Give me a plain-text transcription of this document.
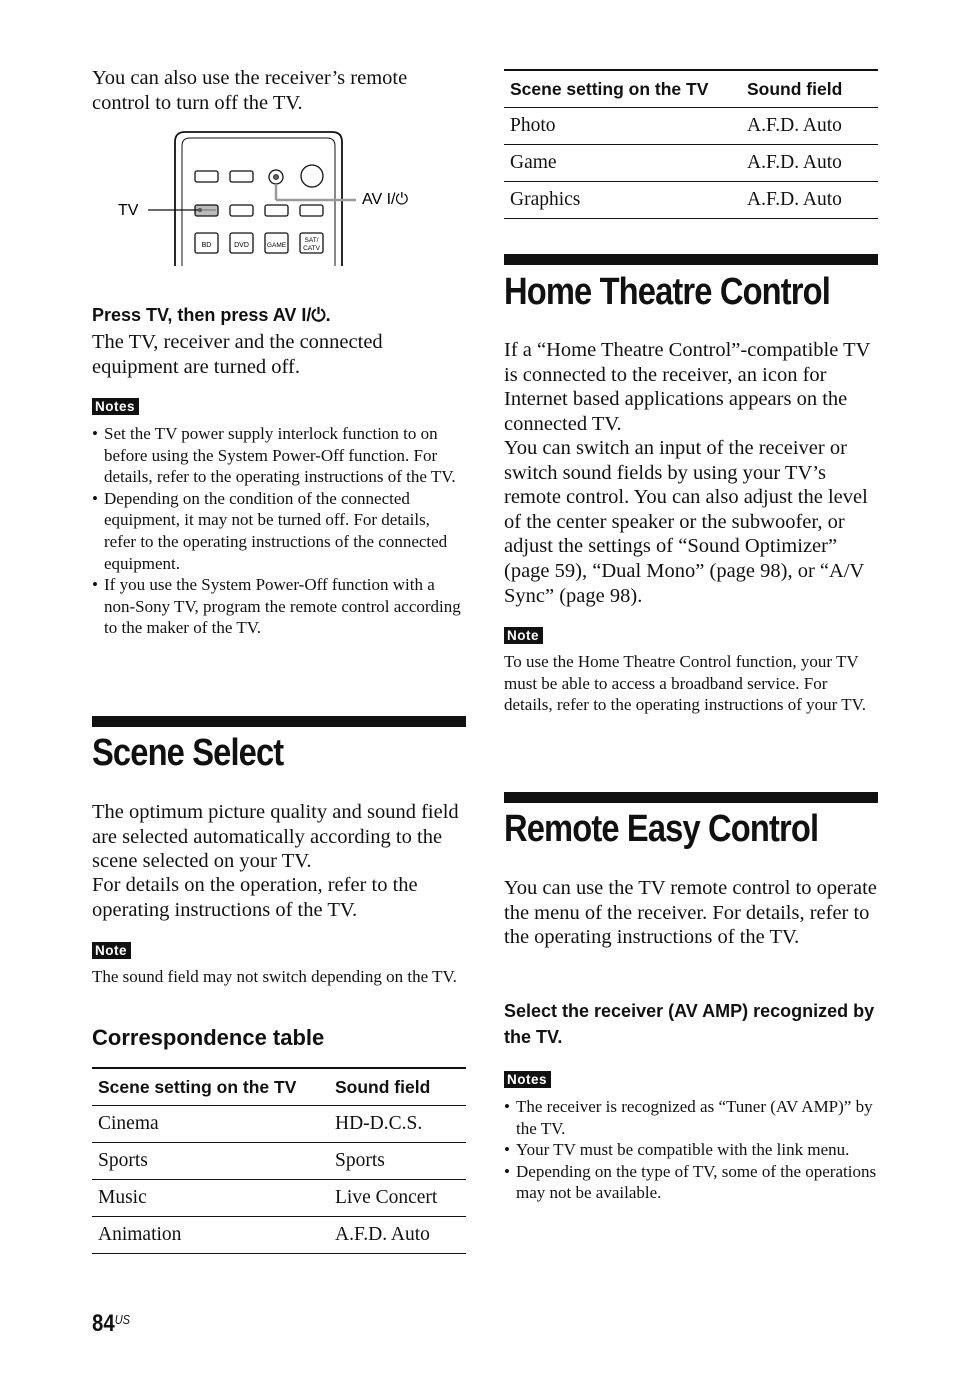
You can also use the receiver’s remote control to turn off the TV.

BD	DVD	GAME
SAT/
CATV
TV
AV I/⏻

Press TV, then press AV I/⏻.

The TV, receiver and the connected equipment are turned off.

Notes
• Set the TV power supply interlock function to on before using the System Power-Off function. For details, refer to the operating instructions of the TV.
• Depending on the condition of the connected equipment, it may not be turned off. For details, refer to the operating instructions of the connected equipment.
• If you use the System Power-Off function with a non-Sony TV, program the remote control according to the maker of the TV.
Scene Select

The optimum picture quality and sound field are selected automatically according to the scene selected on your TV.

For details on the operation, refer to the operating instructions of the TV.

Note

The sound field may not switch depending on the TV.

Correspondence table
Scene setting on the TV	Sound field
Cinema	HD-D.C.S.
Sports	Sports
Music	Live Concert
Animation	A.F.D. Auto
Scene setting on the TV	Sound field
Photo	A.F.D. Auto
Game	A.F.D. Auto
Graphics	A.F.D. Auto
Home Theatre Control

If a “Home Theatre Control”-compatible TV is connected to the receiver, an icon for Internet based applications appears on the connected TV.

You can switch an input of the receiver or switch sound fields by using your TV’s remote control. You can also adjust the level of the center speaker or the subwoofer, or adjust the settings of “Sound Optimizer” (page 59), “Dual Mono” (page 98), or “A/V Sync” (page 98).

Note

To use the Home Theatre Control function, your TV must be able to access a broadband service. For details, refer to the operating instructions of your TV.

Remote Easy Control

You can use the TV remote control to operate the menu of the receiver. For details, refer to the operating instructions of the TV.

Select the receiver (AV AMP) recognized by the TV.

Notes
• The receiver is recognized as “Tuner (AV AMP)” by the TV.
• Your TV must be compatible with the link menu.
• Depending on the type of TV, some of the operations may not be available.
$84^{US}$
